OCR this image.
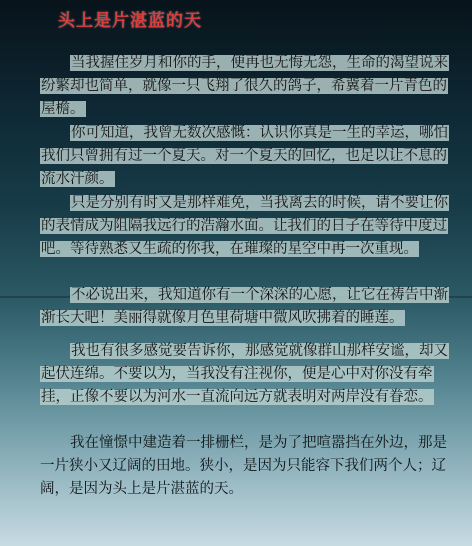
头上是片湛蓝的天
当我握住岁月和你的手，便再也无悔无怨，生命的渴望说来纷繁却也简单，就像一只飞翔了很久的鸽子，希冀着一片青色的屋檐。
你可知道，我曾无数次感慨：认识你真是一生的幸运，哪怕我们只曾拥有过一个夏天。对一个夏天的回忆，也足以让不息的流水汗颜。
只是分别有时又是那样难免，当我离去的时候，请不要让你的表情成为阻隔我远行的浩瀚水面。让我们的日子在等待中度过吧。等待熟悉又生疏的你我，在璀璨的星空中再一次重现。
不必说出来，我知道你有一个深深的心愿，让它在祷告中渐渐长大吧！美丽得就像月色里荷塘中微风吹拂着的睡莲。
我也有很多感觉要告诉你，那感觉就像群山那样安谧，却又起伏连绵。不要以为，当我没有注视你，便是心中对你没有牵挂，正像不要以为河水一直流向远方就表明对两岸没有眷恋。
我在憧憬中建造着一排栅栏，是为了把喧嚣挡在外边，那是一片狭小又辽阔的田地。狭小，是因为只能容下我们两个人；辽阔，是因为头上是片湛蓝的天。
